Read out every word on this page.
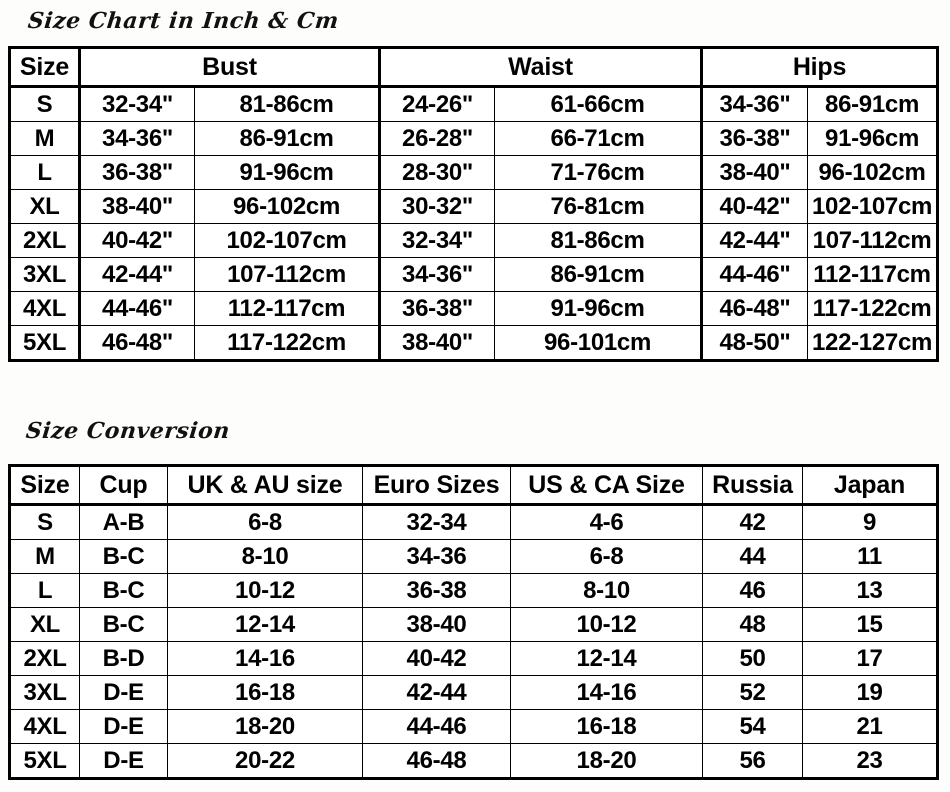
Size Chart in Inch & Cm
Size	Bust		Waist		Hips	
S	32-34"	81-86cm	24-26"	61-66cm	34-36"	86-91cm
M	34-36"	86-91cm	26-28"	66-71cm	36-38"	91-96cm
L	36-38"	91-96cm	28-30"	71-76cm	38-40"	96-102cm
XL	38-40"	96-102cm	30-32"	76-81cm	40-42"	102-107cm
2XL	40-42"	102-107cm	32-34"	81-86cm	42-44"	107-112cm
3XL	42-44"	107-112cm	34-36"	86-91cm	44-46"	112-117cm
4XL	44-46"	112-117cm	36-38"	91-96cm	46-48"	117-122cm
5XL	46-48"	117-122cm	38-40"	96-101cm	48-50"	122-127cm
Size Conversion
Size	Cup	UK & AU size	Euro Sizes	US & CA Size	Russia	Japan
S	A-B	6-8	32-34	4-6	42	9
M	B-C	8-10	34-36	6-8	44	11
L	B-C	10-12	36-38	8-10	46	13
XL	B-C	12-14	38-40	10-12	48	15
2XL	B-D	14-16	40-42	12-14	50	17
3XL	D-E	16-18	42-44	14-16	52	19
4XL	D-E	18-20	44-46	16-18	54	21
5XL	D-E	20-22	46-48	18-20	56	23
